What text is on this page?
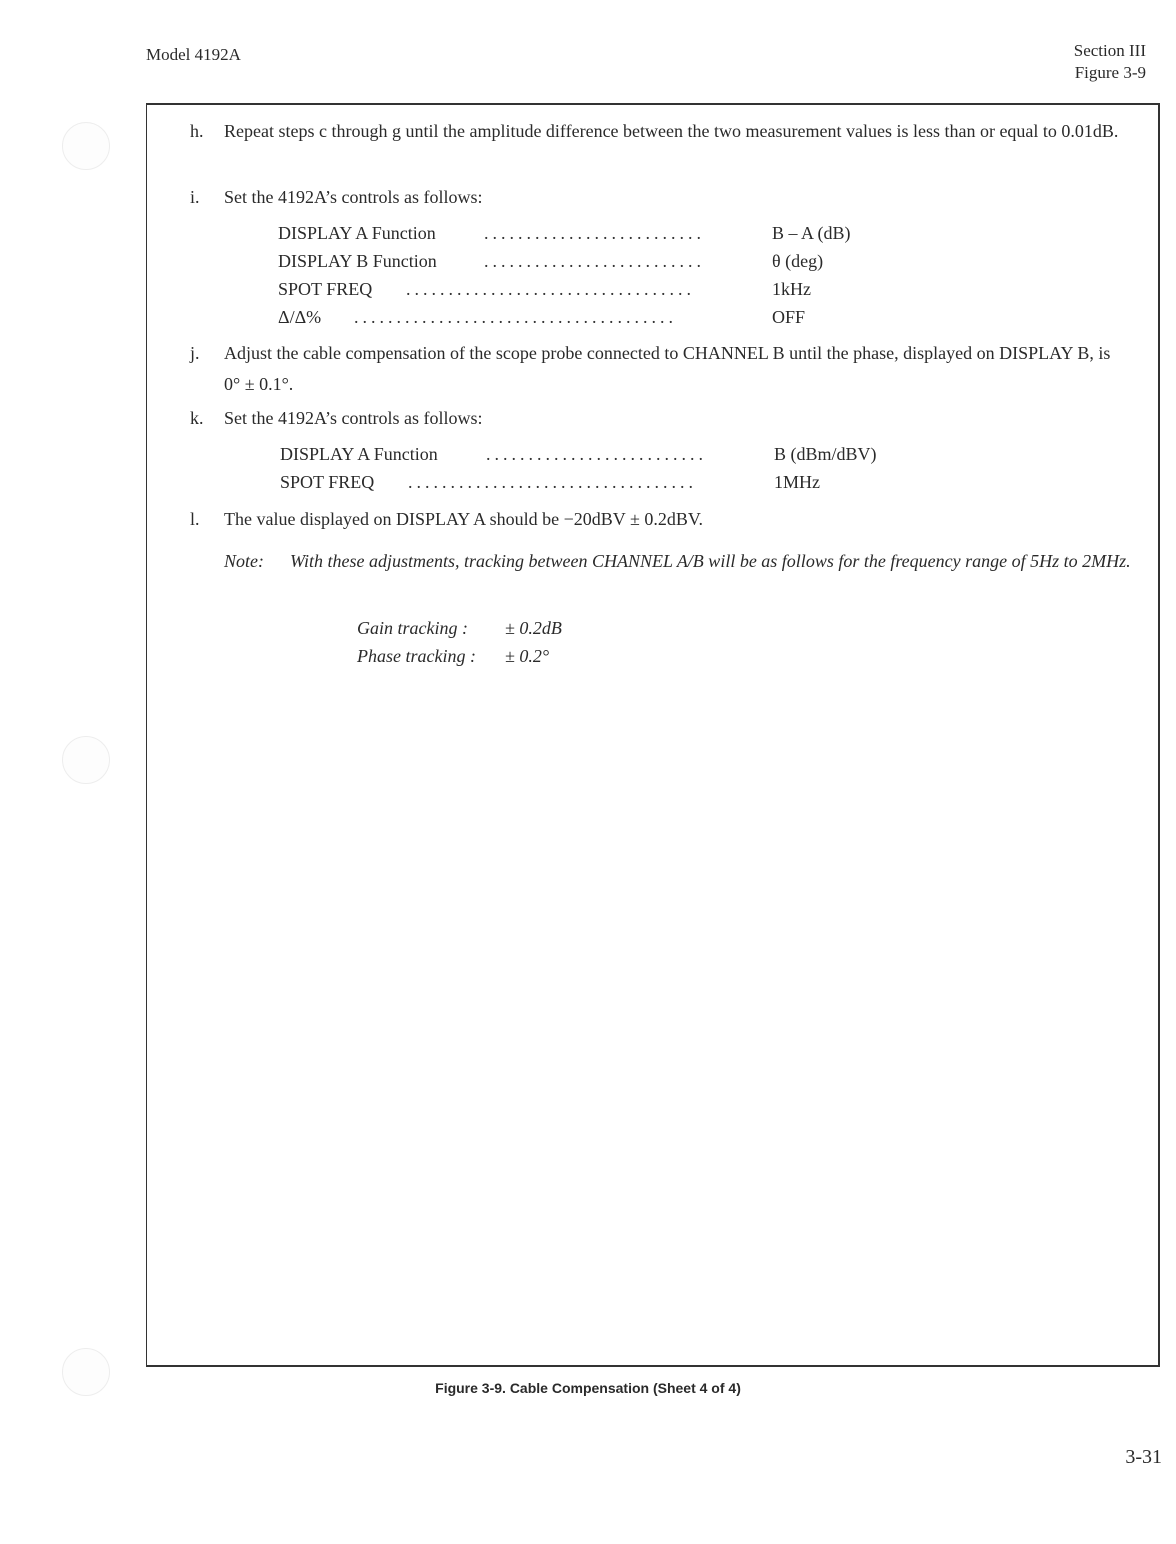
Model 4192A	Section III
Figure 3-9
h.	Repeat steps c through g until the amplitude difference between the two measurement values is less than or equal to 0.01dB.
i.	Set the 4192A’s controls as follows:
DISPLAY A Function	..........................	B – A (dB)
DISPLAY B Function	..........................	θ (deg)
SPOT FREQ ..................................	1kHz
Δ/Δ% ......................................	OFF
j.	Adjust the cable compensation of the scope probe connected to CHANNEL B until the phase, displayed on DISPLAY B, is 0° ± 0.1°.
k.	Set the 4192A’s controls as follows:
DISPLAY A Function	..........................	B (dBm/dBV)
SPOT FREQ ..................................	1MHz
l.	The value displayed on DISPLAY A should be −20dBV ± 0.2dBV.
Note: With these adjustments, tracking between CHANNEL A/B will be as follows for the frequency range of 5Hz to 2MHz.
Gain tracking : ± 0.2dB
Phase tracking : ± 0.2°
Figure 3-9. Cable Compensation (Sheet 4 of 4)
3-31
